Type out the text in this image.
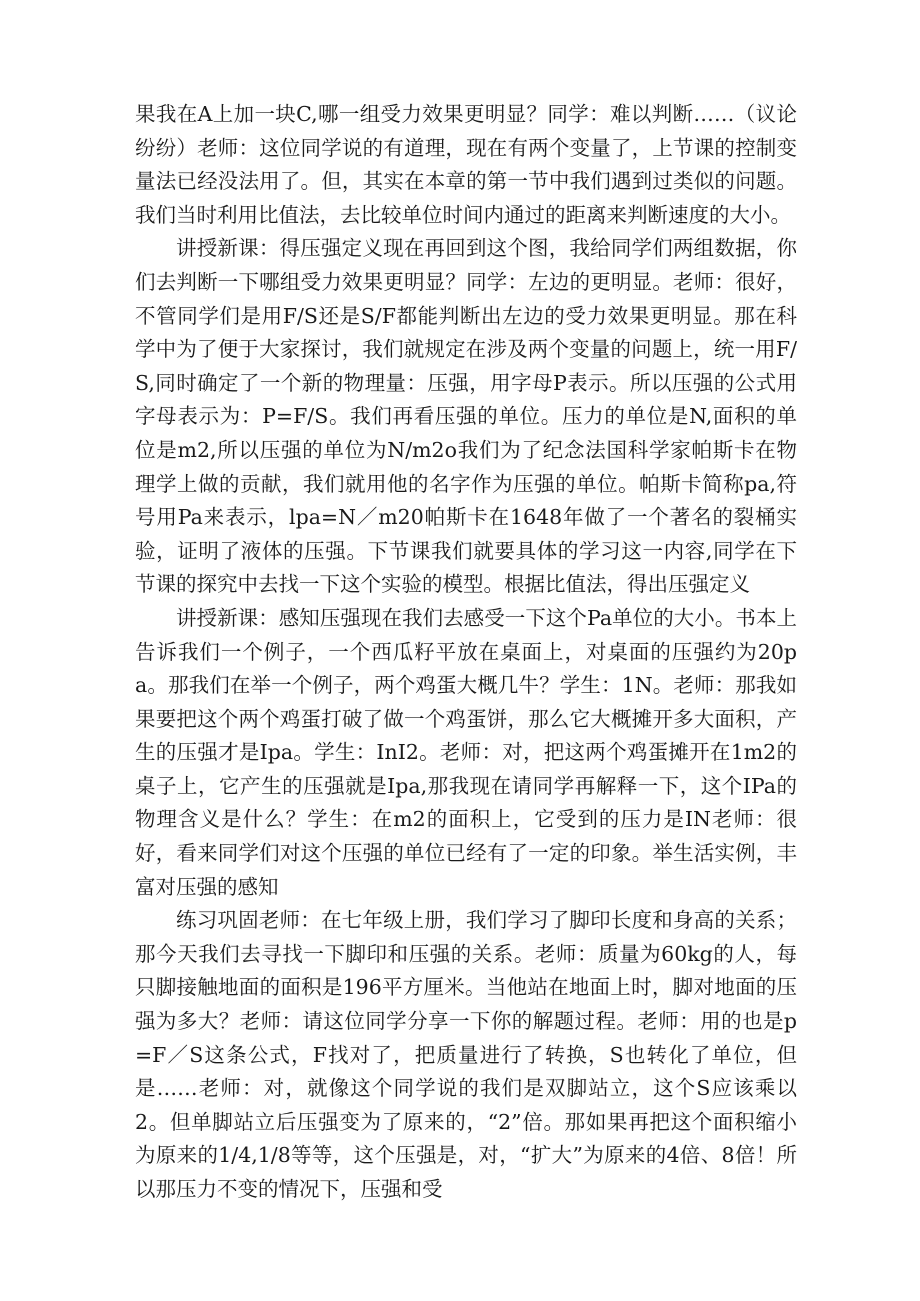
果我在A上加一块C,哪一组受力效果更明显？同学：难以判断……（议论纷纷）老师：这位同学说的有道理，现在有两个变量了，上节课的控制变量法已经没法用了。但，其实在本章的第一节中我们遇到过类似的问题。我们当时利用比值法，去比较单位时间内通过的距离来判断速度的大小。

讲授新课：得压强定义现在再回到这个图，我给同学们两组数据，你们去判断一下哪组受力效果更明显？同学：左边的更明显。老师：很好，不管同学们是用F/S还是S/F都能判断出左边的受力效果更明显。那在科学中为了便于大家探讨，我们就规定在涉及两个变量的问题上，统一用F/S,同时确定了一个新的物理量：压强，用字母P表示。所以压强的公式用字母表示为：P=F/S。我们再看压强的单位。压力的单位是N,面积的单位是m2,所以压强的单位为N/m2o我们为了纪念法国科学家帕斯卡在物理学上做的贡献，我们就用他的名字作为压强的单位。帕斯卡简称pa,符号用Pa来表示，lpa=N／m20帕斯卡在1648年做了一个著名的裂桶实验，证明了液体的压强。下节课我们就要具体的学习这一内容,同学在下节课的探究中去找一下这个实验的模型。根据比值法，得出压强定义

讲授新课：感知压强现在我们去感受一下这个Pa单位的大小。书本上告诉我们一个例子，一个西瓜籽平放在桌面上，对桌面的压强约为20pa。那我们在举一个例子，两个鸡蛋大概几牛？学生：1N。老师：那我如果要把这个两个鸡蛋打破了做一个鸡蛋饼，那么它大概摊开多大面积，产生的压强才是Ipa。学生：InI2。老师：对，把这两个鸡蛋摊开在1m2的桌子上，它产生的压强就是Ipa,那我现在请同学再解释一下，这个IPa的物理含义是什么？学生：在m2的面积上，它受到的压力是IN老师：很好，看来同学们对这个压强的单位已经有了一定的印象。举生活实例，丰富对压强的感知

练习巩固老师：在七年级上册，我们学习了脚印长度和身高的关系；那今天我们去寻找一下脚印和压强的关系。老师：质量为60kg的人，每只脚接触地面的面积是196平方厘米。当他站在地面上时，脚对地面的压强为多大？老师：请这位同学分享一下你的解题过程。老师：用的也是p=F／S这条公式，F找对了，把质量进行了转换，S也转化了单位，但是……老师：对，就像这个同学说的我们是双脚站立，这个S应该乘以2。但单脚站立后压强变为了原来的，“2”倍。那如果再把这个面积缩小为原来的1/4,1/8等等，这个压强是，对，“扩大”为原来的4倍、8倍！所以那压力不变的情况下，压强和受
